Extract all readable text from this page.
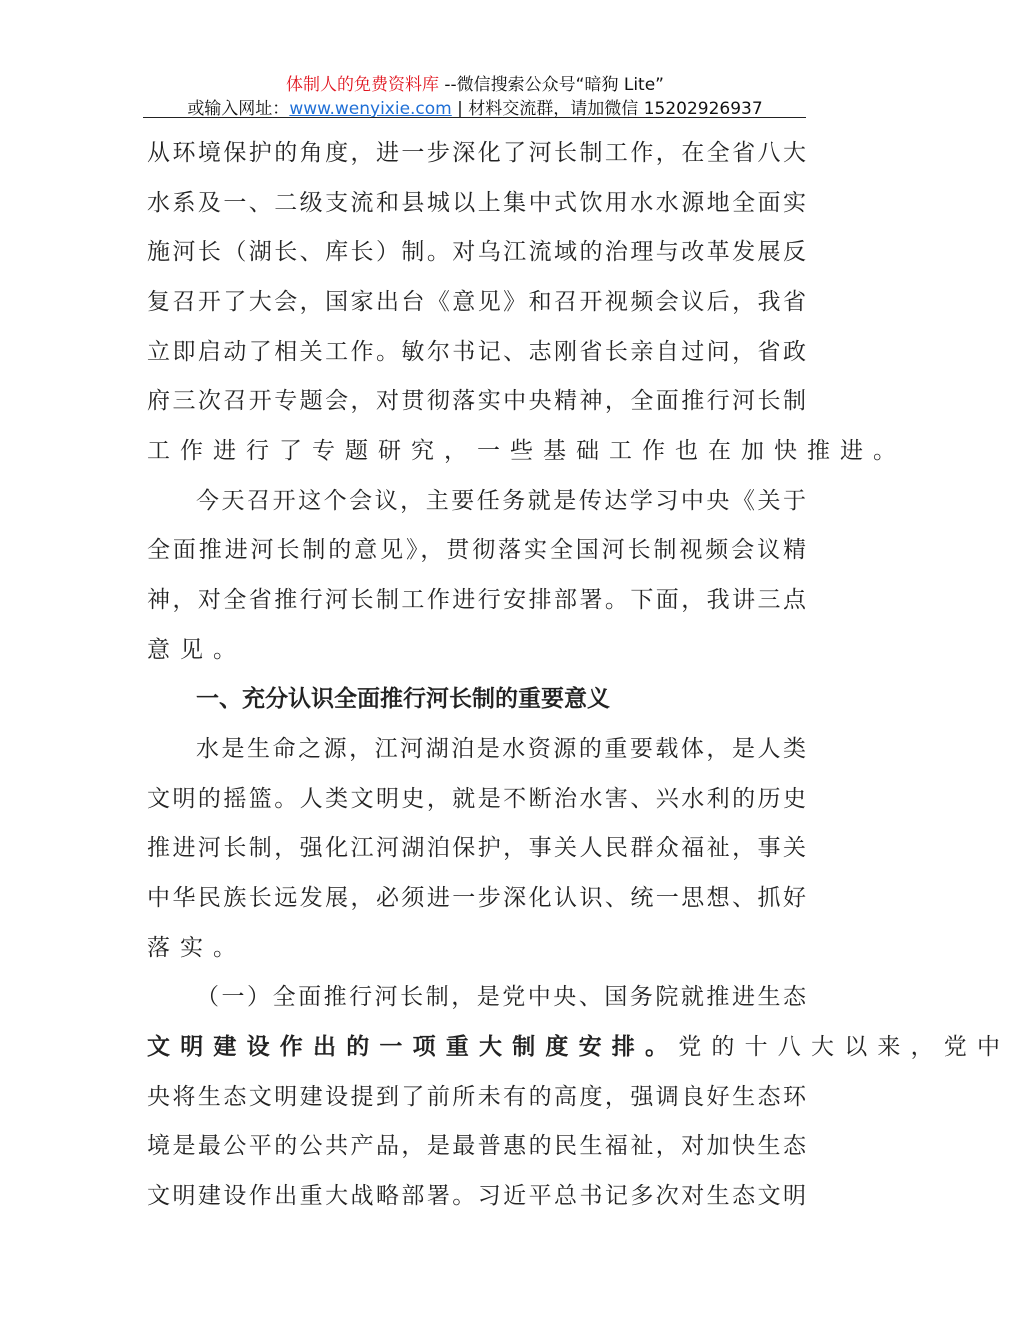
体制人的免费资料库 --微信搜索公众号“暗狗 Lite”
或输入网址：www.wenyixie.com | 材料交流群，请加微信 15202926937
从环境保护的角度，进一步深化了河长制工作，在全省八大
水系及一、二级支流和县城以上集中式饮用水水源地全面实
施河长（湖长、库长）制。对乌江流域的治理与改革发展反
复召开了大会，国家出台《意见》和召开视频会议后，我省
立即启动了相关工作。敏尔书记、志刚省长亲自过问，省政
府三次召开专题会，对贯彻落实中央精神，全面推行河长制
工作进行了专题研究，一些基础工作也在加快推进。
今天召开这个会议，主要任务就是传达学习中央《关于
全面推进河长制的意见》，贯彻落实全国河长制视频会议精
神，对全省推行河长制工作进行安排部署。下面，我讲三点
意见。
一、充分认识全面推行河长制的重要意义
水是生命之源，江河湖泊是水资源的重要载体，是人类
文明的摇篮。人类文明史，就是不断治水害、兴水利的历史
推进河长制，强化江河湖泊保护，事关人民群众福祉，事关
中华民族长远发展，必须进一步深化认识、统一思想、抓好
落实。
（一）全面推行河长制，是党中央、国务院就推进生态
文明建设作出的一项重大制度安排。 党的十八大以来，党中
央将生态文明建设提到了前所未有的高度，强调良好生态环
境是最公平的公共产品，是最普惠的民生福祉，对加快生态
文明建设作出重大战略部署。习近平总书记多次对生态文明
